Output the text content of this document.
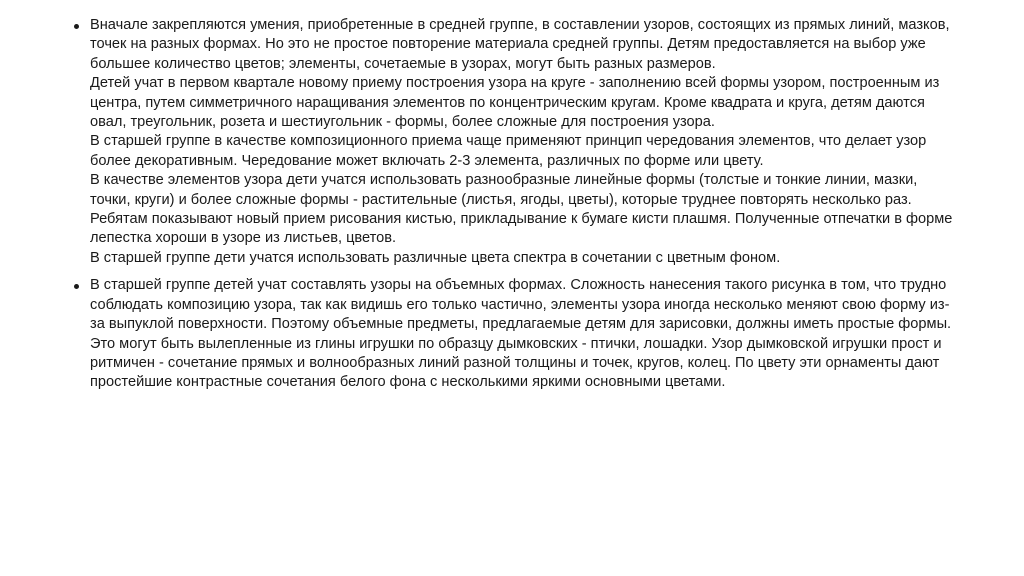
Вначале закрепляются умения, приобретенные в средней группе, в составлении узоров, состоящих из прямых линий, мазков, точек на разных формах. Но это не простое повторение материала средней группы. Детям предоставляется на выбор уже большее количество цветов; элементы, сочетаемые в узорах, могут быть разных размеров.

Детей учат в первом квартале новому приему построения узора на круге - заполнению всей формы узором, построенным из центра, путем симметричного наращивания элементов по концентрическим кругам. Кроме квадрата и круга, детям даются овал, треугольник, розета и шестиугольник - формы, более сложные для построения узора.

В старшей группе в качестве композиционного приема чаще применяют принцип чередования элементов, что делает узор более декоративным. Чередование может включать 2-3 элемента, различных по форме или цвету.

В качестве элементов узора дети учатся использовать разнообразные линейные формы (толстые и тонкие линии, мазки, точки, круги) и более сложные формы - растительные (листья, ягоды, цветы), которые труднее повторять несколько раз. Ребятам показывают новый прием рисования кистью, прикладывание к бумаге кисти плашмя. Полученные отпечатки в форме лепестка хороши в узоре из листьев, цветов.

В старшей группе дети учатся использовать различные цвета спектра в сочетании с цветным фоном.

В старшей группе детей учат составлять узоры на объемных формах. Сложность нанесения такого рисунка в том, что трудно соблюдать композицию узора, так как видишь его только частично, элементы узора иногда несколько меняют свою форму из-за выпуклой поверхности. Поэтому объемные предметы, предлагаемые детям для зарисовки, должны иметь простые формы. Это могут быть вылепленные из глины игрушки по образцу дымковских - птички, лошадки. Узор дымковской игрушки прост и ритмичен - сочетание прямых и волнообразных линий разной толщины и точек, кругов, колец. По цвету эти орнаменты дают простейшие контрастные сочетания белого фона с несколькими яркими основными цветами.
